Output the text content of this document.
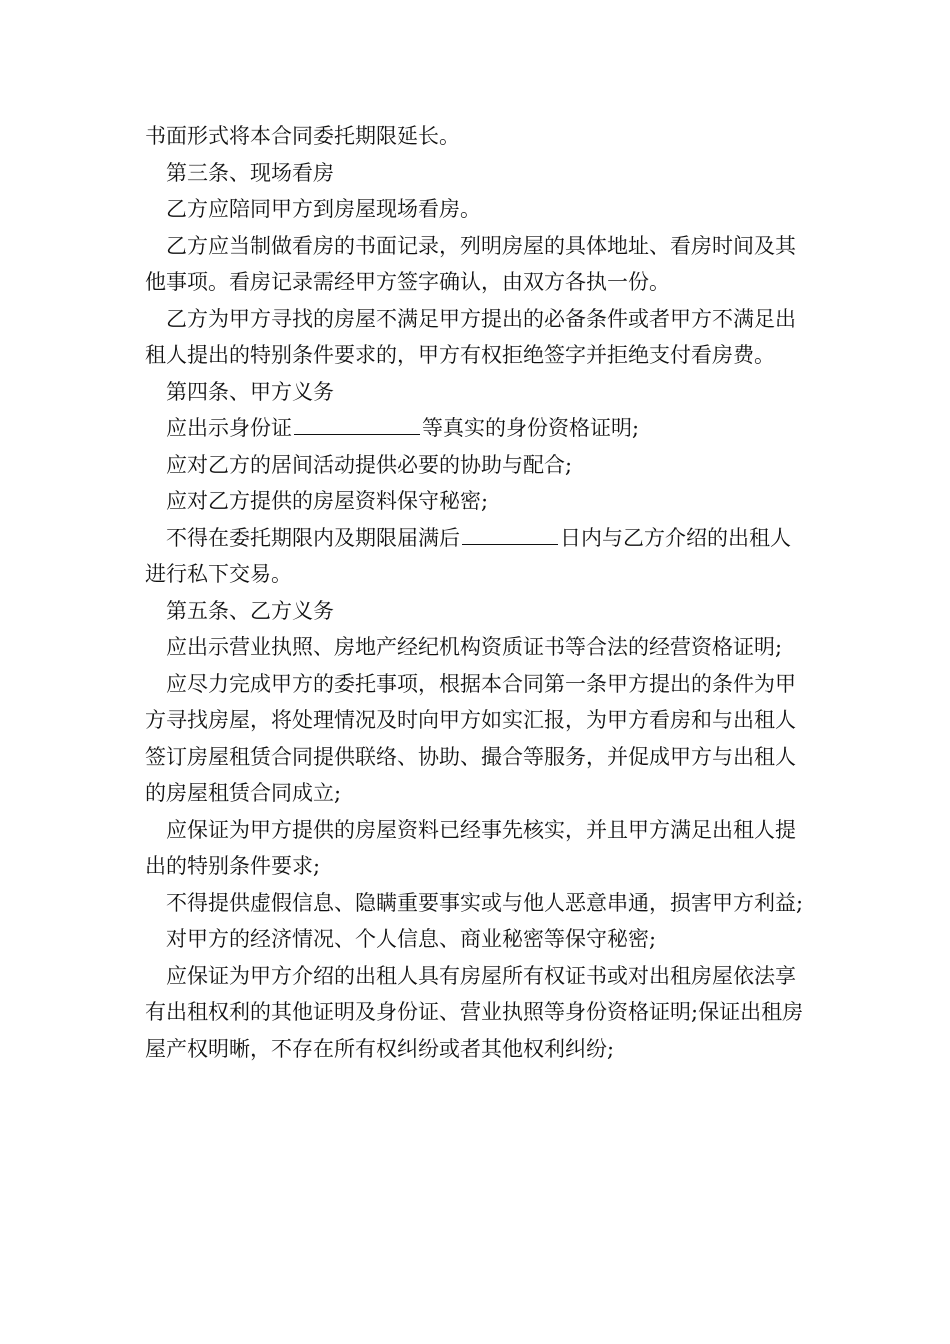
书面形式将本合同委托期限延长。

第三条、现场看房

乙方应陪同甲方到房屋现场看房。

乙方应当制做看房的书面记录，列明房屋的具体地址、看房时间及其他事项。看房记录需经甲方签字确认，由双方各执一份。

乙方为甲方寻找的房屋不满足甲方提出的必备条件或者甲方不满足出租人提出的特别条件要求的，甲方有权拒绝签字并拒绝支付看房费。

第四条、甲方义务

应出示身份证	等真实的身份资格证明;

应对乙方的居间活动提供必要的协助与配合;

应对乙方提供的房屋资料保守秘密;

不得在委托期限内及期限届满后	日内与乙方介绍的出租人进行私下交易。

第五条、乙方义务

应出示营业执照、房地产经纪机构资质证书等合法的经营资格证明;

应尽力完成甲方的委托事项，根据本合同第一条甲方提出的条件为甲方寻找房屋，将处理情况及时向甲方如实汇报，为甲方看房和与出租人签订房屋租赁合同提供联络、协助、撮合等服务，并促成甲方与出租人的房屋租赁合同成立;

应保证为甲方提供的房屋资料已经事先核实，并且甲方满足出租人提出的特别条件要求;

不得提供虚假信息、隐瞒重要事实或与他人恶意串通，损害甲方利益;

对甲方的经济情况、个人信息、商业秘密等保守秘密;

应保证为甲方介绍的出租人具有房屋所有权证书或对出租房屋依法享有出租权利的其他证明及身份证、营业执照等身份资格证明;保证出租房屋产权明晰，不存在所有权纠纷或者其他权利纠纷;
